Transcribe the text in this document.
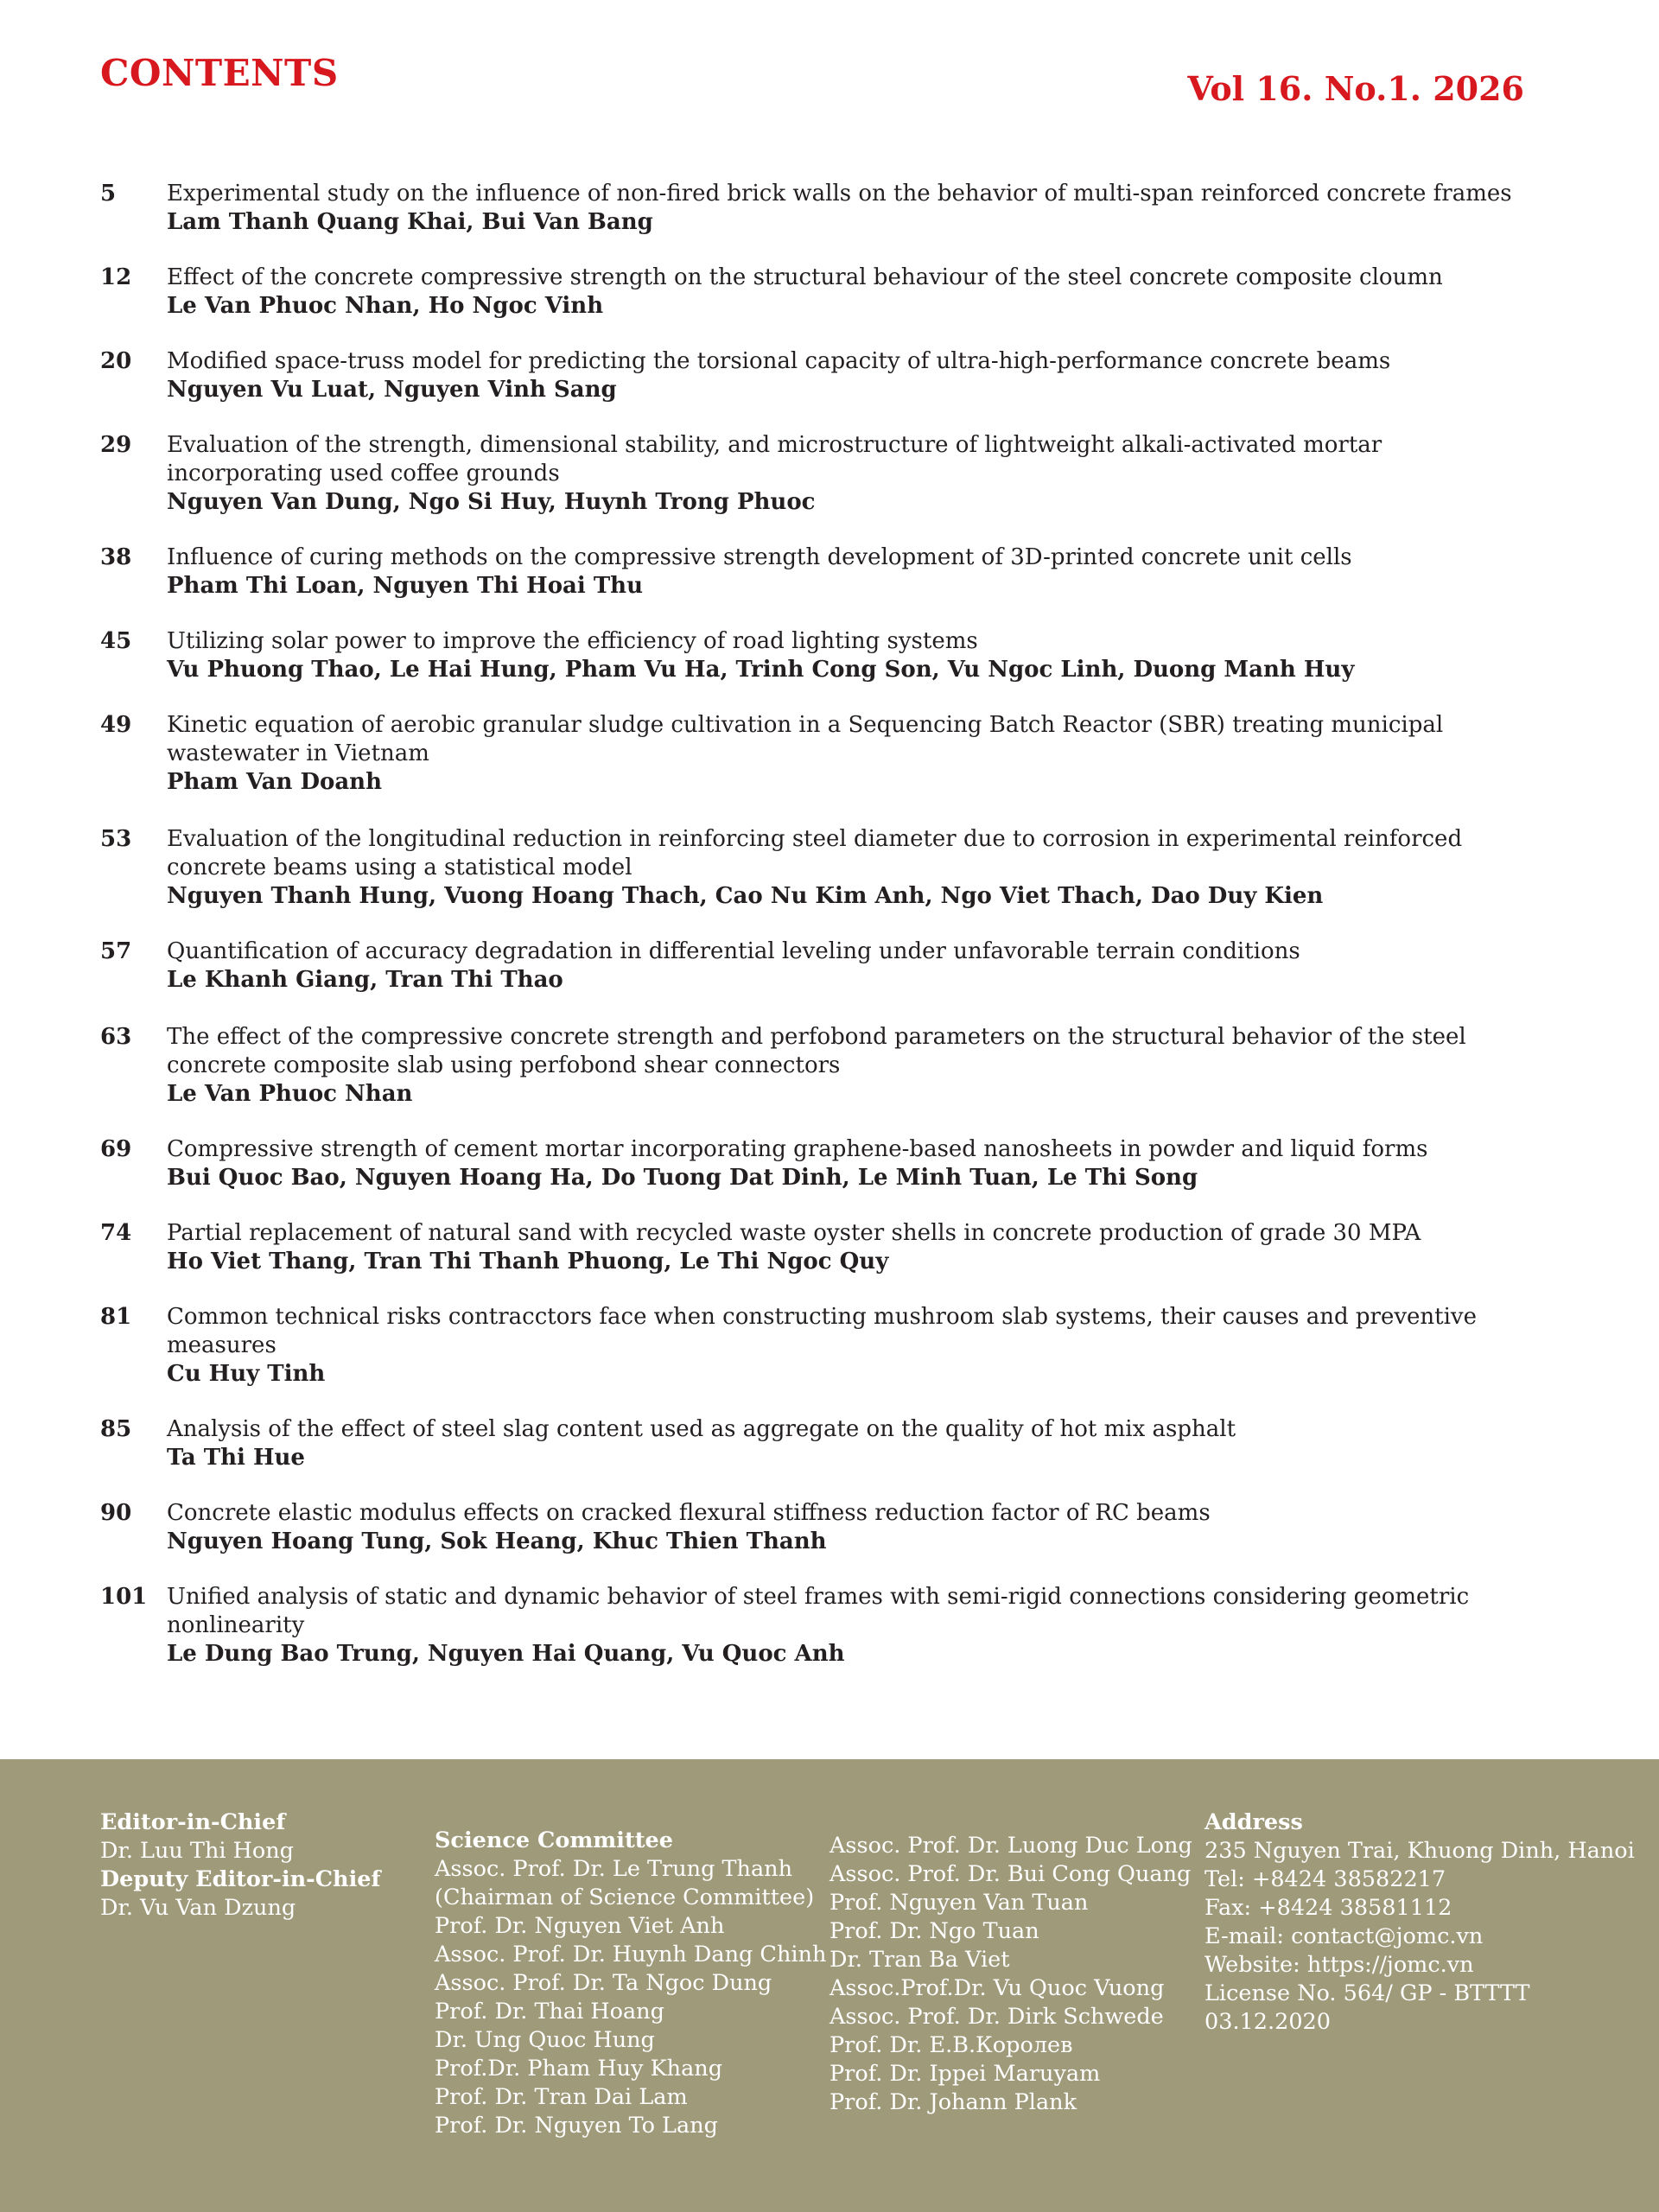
CONTENTS	Vol 16. No.1. 2026
5	Experimental study on the influence of non-fired brick walls on the behavior of multi-span reinforced concrete frames
Lam Thanh Quang Khai, Bui Van Bang
12	Effect of the concrete compressive strength on the structural behaviour of the steel concrete composite cloumn
Le Van Phuoc Nhan, Ho Ngoc Vinh
20	Modified space-truss model for predicting the torsional capacity of ultra-high-performance concrete beams
Nguyen Vu Luat, Nguyen Vinh Sang
29	Evaluation of the strength, dimensional stability, and microstructure of lightweight alkali-activated mortar incorporating used coffee grounds
Nguyen Van Dung, Ngo Si Huy, Huynh Trong Phuoc
38	Influence of curing methods on the compressive strength development of 3D-printed concrete unit cells
Pham Thi Loan, Nguyen Thi Hoai Thu
45	Utilizing solar power to improve the efficiency of road lighting systems
Vu Phuong Thao, Le Hai Hung, Pham Vu Ha, Trinh Cong Son, Vu Ngoc Linh, Duong Manh Huy
49	Kinetic equation of aerobic granular sludge cultivation in a Sequencing Batch Reactor (SBR) treating municipal wastewater in Vietnam
Pham Van Doanh
53	Evaluation of the longitudinal reduction in reinforcing steel diameter due to corrosion in experimental reinforced concrete beams using a statistical model
Nguyen Thanh Hung, Vuong Hoang Thach, Cao Nu Kim Anh, Ngo Viet Thach, Dao Duy Kien
57	Quantification of accuracy degradation in differential leveling under unfavorable terrain conditions
Le Khanh Giang, Tran Thi Thao
63	The effect of the compressive concrete strength and perfobond parameters on the structural behavior of the steel concrete composite slab using perfobond shear connectors
Le Van Phuoc Nhan
69	Compressive strength of cement mortar incorporating graphene-based nanosheets in powder and liquid forms
Bui Quoc Bao, Nguyen Hoang Ha, Do Tuong Dat Dinh, Le Minh Tuan, Le Thi Song
74	Partial replacement of natural sand with recycled waste oyster shells in concrete production of grade 30 MPA
Ho Viet Thang, Tran Thi Thanh Phuong, Le Thi Ngoc Quy
81	Common technical risks contracctors face when constructing mushroom slab systems, their causes and preventive measures
Cu Huy Tinh
85	Analysis of the effect of steel slag content used as aggregate on the quality of hot mix asphalt
Ta Thi Hue
90	Concrete elastic modulus effects on cracked flexural stiffness reduction factor of RC beams
Nguyen Hoang Tung, Sok Heang, Khuc Thien Thanh
101 Unified analysis of static and dynamic behavior of steel frames with semi-rigid connections considering geometric nonlinearity
Le Dung Bao Trung, Nguyen Hai Quang, Vu Quoc Anh
Editor-in-Chief
Dr. Luu Thi Hong
Deputy Editor-in-Chief
Dr. Vu Van Dzung
Science Committee
Assoc. Prof. Dr. Le Trung Thanh
(Chairman of Science Committee)
Prof. Dr. Nguyen Viet Anh
Assoc. Prof. Dr. Huynh Dang Chinh
Assoc. Prof. Dr. Ta Ngoc Dung
Prof. Dr. Thai Hoang
Dr. Ung Quoc Hung
Prof.Dr. Pham Huy Khang
Prof. Dr. Tran Dai Lam
Prof. Dr. Nguyen To Lang
Assoc. Prof. Dr. Luong Duc Long
Assoc. Prof. Dr. Bui Cong Quang
Prof. Nguyen Van Tuan
Prof. Dr. Ngo Tuan
Dr. Tran Ba Viet
Assoc.Prof.Dr. Vu Quoc Vuong
Assoc. Prof. Dr. Dirk Schwede
Prof. Dr. E.B.Королев
Prof. Dr. Ippei Maruyam
Prof. Dr. Johann Plank
Address
235 Nguyen Trai, Khuong Dinh, Hanoi
Tel: +8424 38582217
Fax: +8424 38581112
E-mail: contact@jomc.vn
Website: https://jomc.vn
License No. 564/ GP - BTTTT
03.12.2020
